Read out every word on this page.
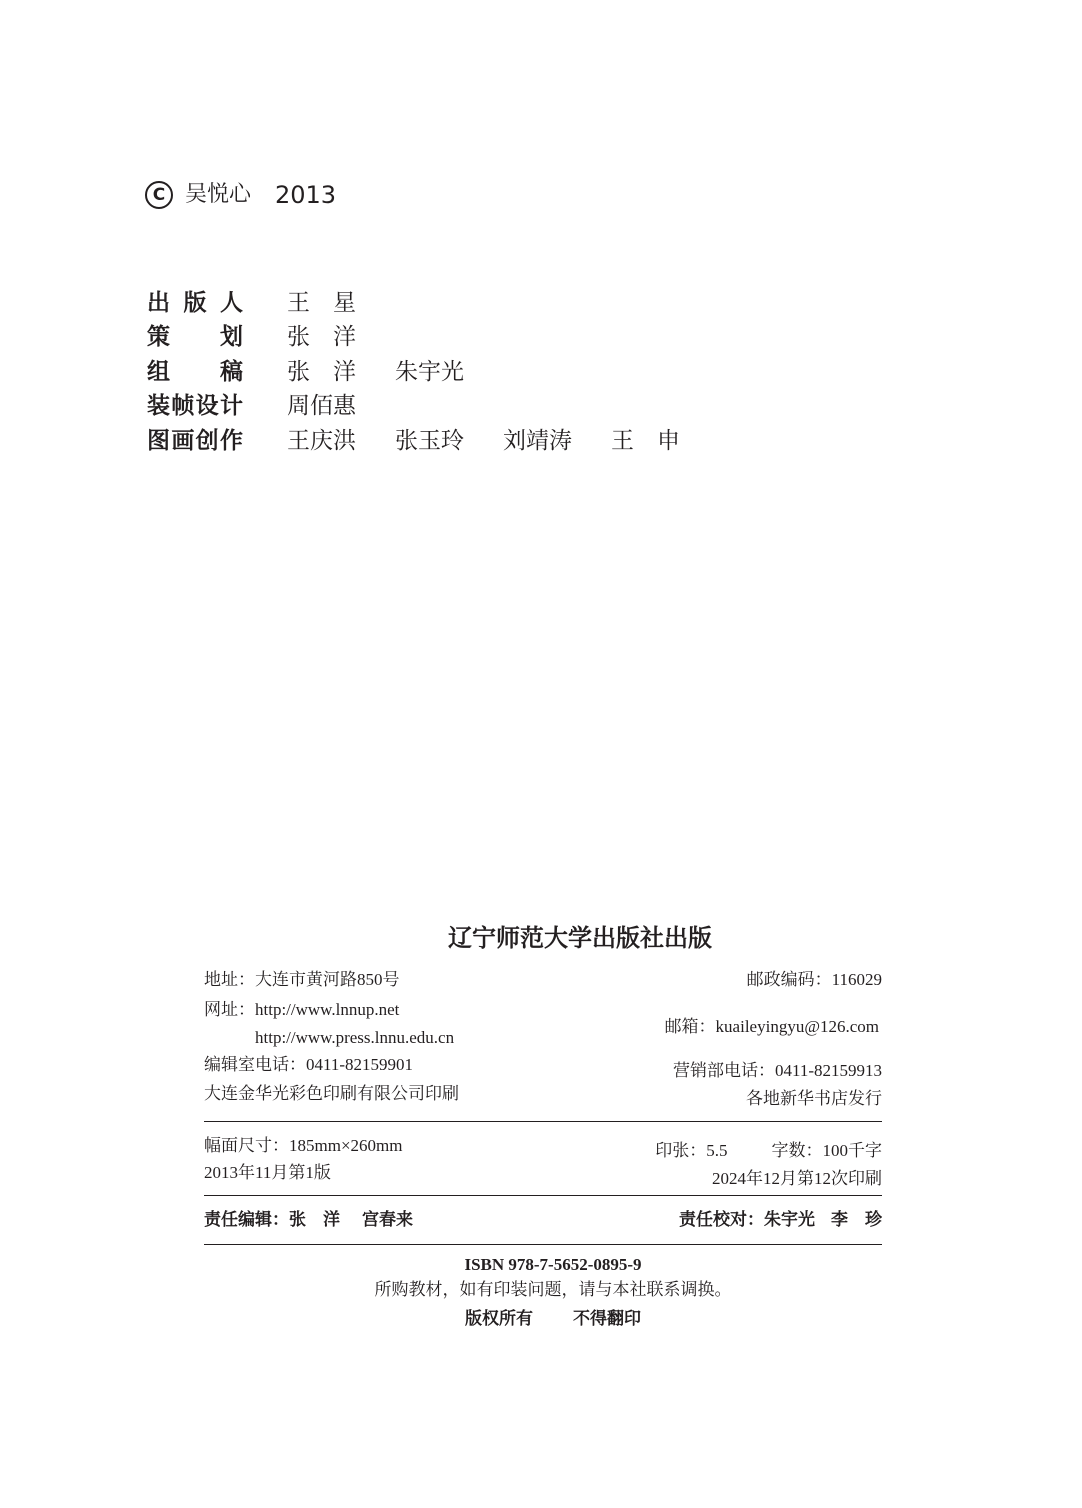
C 吴悦心 2013
出 版 人 王　星
策　　划 张　洋
组　　稿 张　洋 朱宇光
装帧设计 周佰惠
图画创作 王庆洪 张玉玲 刘靖涛 王　申
辽宁师范大学出版社出版
地址：大连市黄河路850号	邮政编码：116029
网址： http://www.lnnup.net
http://www.press.lnnu.edu.cn
邮箱：kuaileyingyu@126.com
编辑室电话：0411-82159901	营销部电话：0411-82159913
大连金华光彩色印刷有限公司印刷	各地新华书店发行
幅面尺寸：185mm×260mm	印张：5.5	字数：100千字
2013年11月第1版	2024年12月第12次印刷
责任编辑： 张　洋 宫春来	责任校对： 朱宇光 李　珍
ISBN 978-7-5652-0895-9
所购教材，如有印装问题，请与本社联系调换。
版权所有 不得翻印
